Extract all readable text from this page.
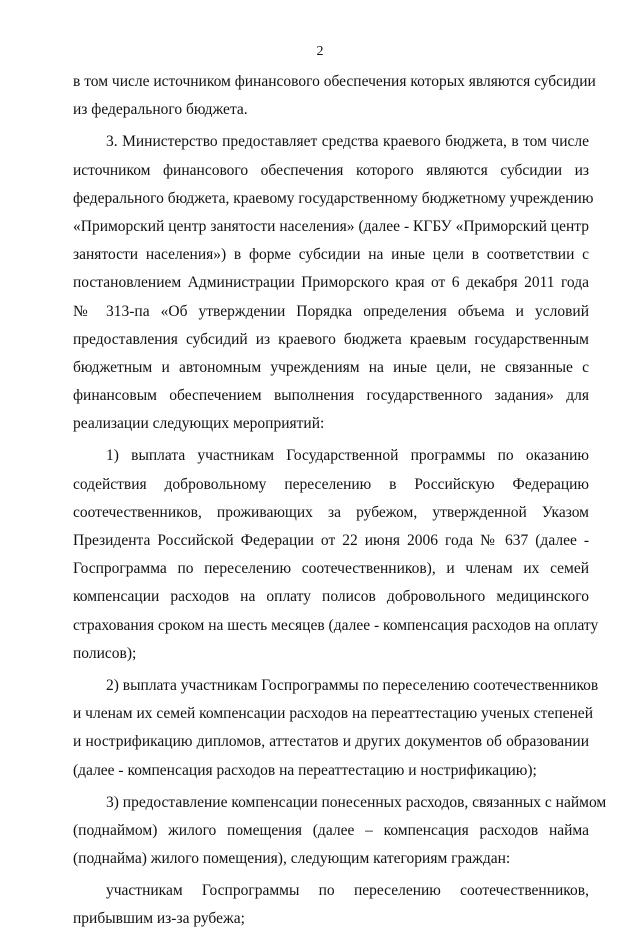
2
в том числе источником финансового обеспечения которых являются субсидии
из федерального бюджета.
3. Министерство предоставляет средства краевого бюджета, в том числе
источником финансового обеспечения которого являются субсидии из
федерального бюджета, краевому государственному бюджетному учреждению
«Приморский центр занятости населения» (далее - КГБУ «Приморский центр
занятости населения») в форме субсидии на иные цели в соответствии с
постановлением Администрации Приморского края от 6 декабря 2011 года
№ 313-па «Об утверждении Порядка определения объема и условий
предоставления субсидий из краевого бюджета краевым государственным
бюджетным и автономным учреждениям на иные цели, не связанные с
финансовым обеспечением выполнения государственного задания» для
реализации следующих мероприятий:
1) выплата участникам Государственной программы по оказанию
содействия добровольному переселению в Российскую Федерацию
соотечественников, проживающих за рубежом, утвержденной Указом
Президента Российской Федерации от 22 июня 2006 года № 637 (далее -
Госпрограмма по переселению соотечественников), и членам их семей
компенсации расходов на оплату полисов добровольного медицинского
страхования сроком на шесть месяцев (далее - компенсация расходов на оплату
полисов);
2) выплата участникам Госпрограммы по переселению соотечественников
и членам их семей компенсации расходов на переаттестацию ученых степеней
и нострификацию дипломов, аттестатов и других документов об образовании
(далее - компенсация расходов на переаттестацию и нострификацию);
3) предоставление компенсации понесенных расходов, связанных с наймом
(поднаймом) жилого помещения (далее – компенсация расходов найма
(поднайма) жилого помещения), следующим категориям граждан:
участникам Госпрограммы по переселению соотечественников,
прибывшим из-за рубежа;
